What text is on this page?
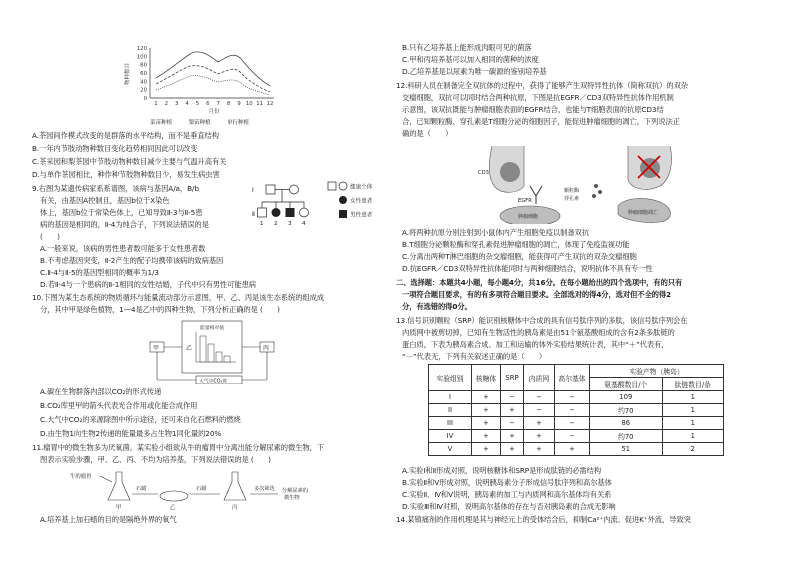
120
100
80
60
40
20
0
1 2 3 4 5 6 7 8 9 10 11 12
物种数目
月份
菜苗种植　　　	梨苗种植　　　	单行种植
A.茶园间作模式改变的是群落的水平结构，而不是垂直结构
B.一年内节肢动物种数目变化趋势相同因此可以改变
C.茶采园和梨茶园中节肢动物种数目减少主要与气温升高有关
D.与单作茶园相比，种作种节肢物种数目少，易发生病虫害
9.右图为某遗传病家系系谱图，该病与基因A/a，B/b
有关，由基因A控制且，基因b位于X染色
体上，基因b位于常染色体上，已知导致Ⅱ-3与Ⅱ-5患
病的基因是相同的，Ⅱ-4为纯合子，下列说法错误的是
(　　)
A.一般来说，该病的男性患者数可能多于女性患者数
B.不考虑基因突变，Ⅱ-2产生的配子均携带该病的致病基因
C.Ⅱ-4与Ⅱ-5的基因型相同的概率为1/3
D.若Ⅱ-4与一个患病的Ⅱ-1相同的女性结婚，子代中只有男性可能患病
Ⅰ
Ⅱ
1 2 3 4
健康个体
女性患者
男性患者
10.下图为某生态系统的物质循环与能量流动部分示意图，甲、乙、丙是该生态系统的组成成
分，其中甲是绿色植物，1—4是乙中的四种生物，下列分析正确的是 (　　)
甲
能量相对值
乙	丙
大气中CO₂库
A.碳在生物群落内部以CO₂的形式传递
B.CO₂库里甲的箭头代表光合作用或化能合成作用
C.大气中CO₂的来源除图中所示途径，还可来自化石燃料的燃烧
D.由生物1向生物2传递的能量最多占生物1同化量的20%
11.瘤胃中的微生物多为厌氧菌。某实验小组欲从牛的瘤胃中分离出能分解尿素的微生物，下
图表示实验步骤，甲、乙、丙、不均为培养基，下列说法错误的是 (　　)
牛的瘤胃
甲
石蜡
乙
石蜡
丙
多次筛选 分解尿素的
微生物
A.培养基上加石蜡的目的是隔绝外界的氧气
B.只有乙培养基上能形成肉眼可见的菌落
C.甲和丙培养基可以加入相同的菌种的浓度
D.乙培养基是以尿素为唯一碳源的鉴别培养基
12.科研人员在制备完全双抗体的过程中，获得了能够产生双特异性抗体（简称双抗）的双杂
交瘤细胞，双抗可以同时结合两种抗原，下图是抗EGFR／CD3双特异性抗体作用机制
示意图，该双抗既能与肿瘤细胞表面的EGFR结合，也能与T细胞表面的抗原CD3结
合，已知颗粒酶、穿孔素是T细胞分泌的细胞因子，能促进肿瘤细胞的凋亡，下列说法正
确的是（　　）
CD3
EGFR
肿瘤细胞
颗粒酶
穿孔素
肿瘤细胞凋亡
A.将两种抗原分别注射到小鼠体内产生细胞免疫以制备双抗
B.T细胞分泌颗粒酶和穿孔素促进肿瘤细胞的凋亡，体现了免疫监视功能
C.分离出两种T淋巴细胞的杂交瘤细胞，能获得可产生双抗的双杂交瘤细胞
D.抗EGFR／CD3双特异性抗体能同时与两种细胞结合，说明抗体不具有专一性
二、选择题：本题共4小题，每小题4分，共16分。在每小题给出的四个选项中，有的只有
一项符合题目要求，有的有多项符合题目要求。全部选对的得4分，选对但不全的得2
分，有选错的得0分。
13.信号识别颗粒（SRP）能识别核糖体中合成的具有信号肽序列的多肽，该信号肽序列会在
内质网中被剪切掉，已知有生物活性的胰岛素是由51个氨基酸组成的含有2条多肽链的
蛋白质，下表为胰岛素合成、加工和运输的体外实验结果统计表，其中“＋”代表有，
“－”代表无，下列有关叙述正确的是（　　）
实验组别	核糖体	SRP	内质网	高尔基体	实验产物（胰岛）	
					氨基酸数目/个	肽链数目/条
I	+	−	−	−	109	1
II	+	+	−	−	约70	1
III	+	−	+	−	86	1
IV	+	+	+	−	约70	1
V	+	+	+	+	51	2
A.实验Ⅰ和Ⅱ形成对照，说明核糖体和SRP是形成肽链的必需结构
B.实验Ⅱ和Ⅴ形成对照，说明胰岛素分子形成信号肽序列和高尔基体
C.实验Ⅱ、Ⅳ和Ⅴ说明，胰岛素的加工与内质网和高尔基体均有关系
D.实验Ⅲ和Ⅳ对照，说明高尔基体的存在与否对胰岛素的合成无影响
14.某镇痛剂的作用机理是其与神经元上的受体结合后，抑制Ca²⁺内流、促进K⁺外流，导致突
